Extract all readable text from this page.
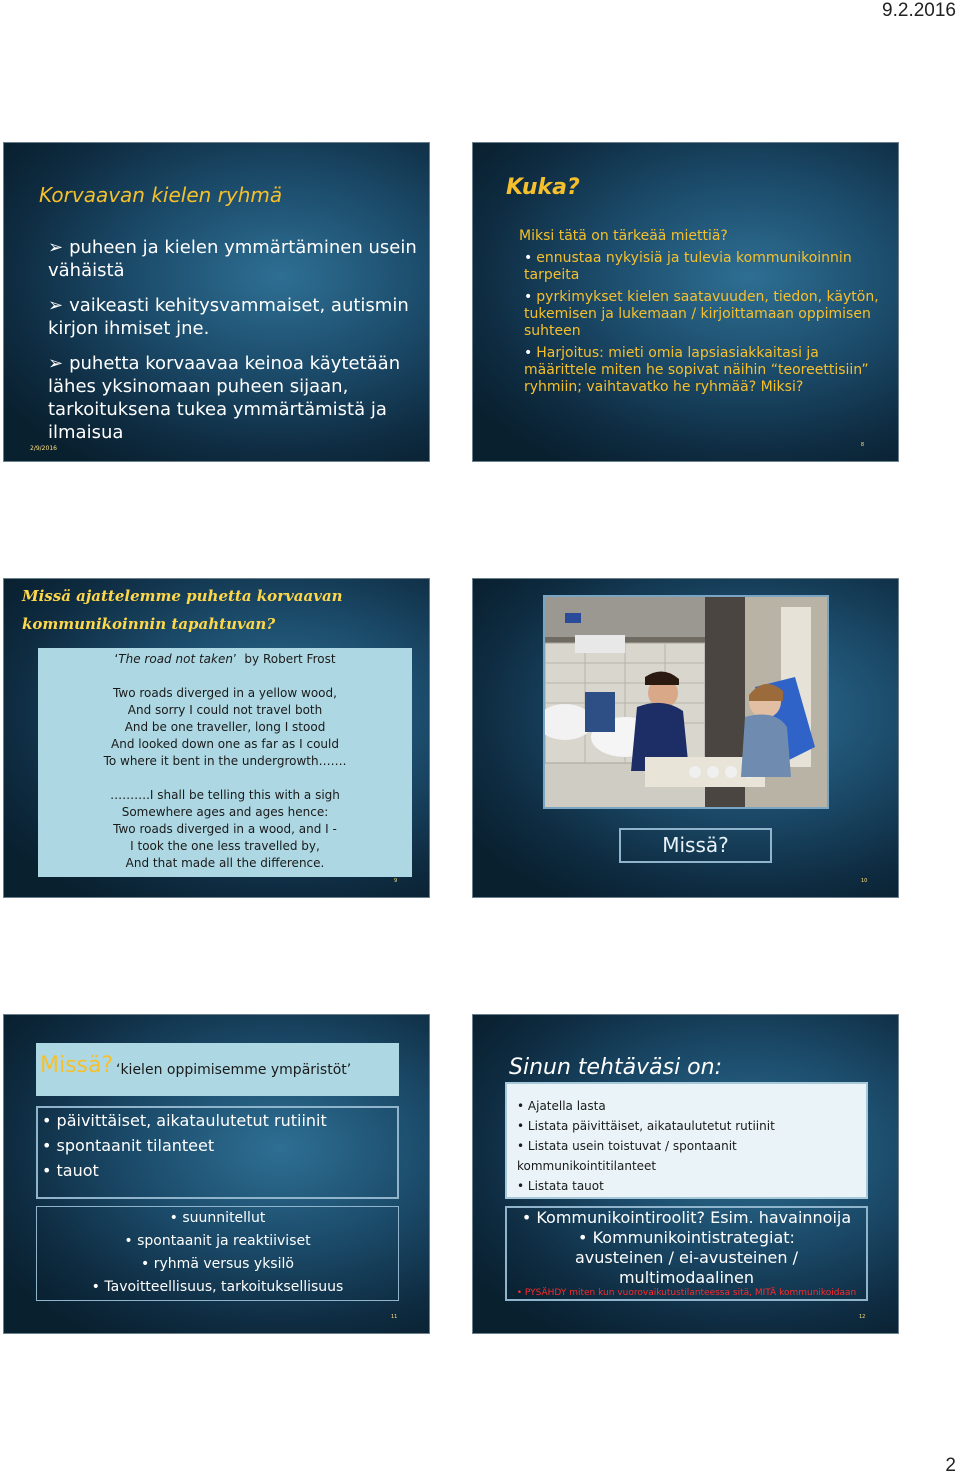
9.2.2016
Korvaavan kielen ryhmä
➢ puheen ja kielen ymmärtäminen usein vähäistä
➢ vaikeasti kehitysvammaiset, autismin kirjon ihmiset jne.
➢ puhetta korvaavaa keinoa käytetään lähes yksinomaan puheen sijaan, tarkoituksena tukea ymmärtämistä ja ilmaisua
2/9/2016
Kuka?
Miksi tätä on tärkeää miettiä?
• ennustaa nykyisiä ja tulevia kommunikoinnin tarpeita
• pyrkimykset kielen saatavuuden, tiedon, käytön, tukemisen ja lukemaan / kirjoittamaan oppimisen suhteen
• Harjoitus: mieti omia lapsiasiakkaitasi ja määrittele miten he sopivat näihin “teoreettisiin” ryhmiin; vaihtavatko he ryhmää? Miksi?
8
Missä ajattelemme puhetta korvaavan kommunikoinnin tapahtuvan?
‘The road not taken’  by Robert Frost
Two roads diverged in a yellow wood,
And sorry I could not travel both
And be one traveller, long I stood
And looked down one as far as I could
To where it bent in the undergrowth…….
……….I shall be telling this with a sigh
Somewhere ages and ages hence:
Two roads diverged in a wood, and I -
I took the one less travelled by,
And that made all the difference.
9
Missä?
10
Missä? ‘kielen oppimisemme ympäristöt’
• päivittäiset, aikataulutetut rutiinit
• spontaanit tilanteet
• tauot
• suunnitellut
• spontaanit ja reaktiiviset
• ryhmä versus yksilö
• Tavoitteellisuus, tarkoituksellisuus
11
Sinun tehtäväsi on:
• Ajatella lasta
• Listata päivittäiset, aikataulutetut rutiinit
• Listata usein toistuvat / spontaanit kommunikointitilanteet
• Listata tauot
• Kommunikointiroolit? Esim. havainnoija
• Kommunikointistrategiat:
avusteinen / ei-avusteinen / multimodaalinen
• PYSÄHDY miten kun vuorovaikutustilanteessa sitä, MITÄ kommunikoidaan
12
2
